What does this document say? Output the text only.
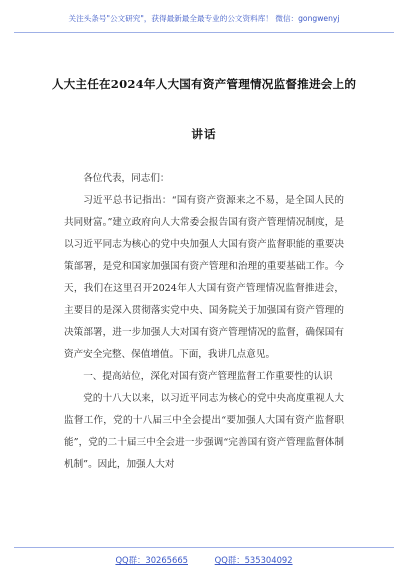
关注头条号"公文研究"，获得最新最全最专业的公文资料库！ 微信：gongwenyj
人大主任在2024年人大国有资产管理情况监督推进会上的
讲话

各位代表，同志们：

习近平总书记指出：“国有资产资源来之不易，是全国人民的共同财富。”建立政府向人大常委会报告国有资产管理情况制度，是以习近平同志为核心的党中央加强人大国有资产监督职能的重要决策部署，是党和国家加强国有资产管理和治理的重要基础工作。今天，我们在这里召开2024年人大国有资产管理情况监督推进会，主要目的是深入贯彻落实党中央、国务院关于加强国有资产管理的决策部署，进一步加强人大对国有资产管理情况的监督，确保国有资产安全完整、保值增值。下面，我讲几点意见。

一、提高站位，深化对国有资产管理监督工作重要性的认识

党的十八大以来，以习近平同志为核心的党中央高度重视人大监督工作，党的十八届三中全会提出“要加强人大国有资产监督职能”，党的二十届三中全会进一步强调“完善国有资产管理监督体制机制”。因此，加强人大对

QQ群：30265665	QQ群：535304092
